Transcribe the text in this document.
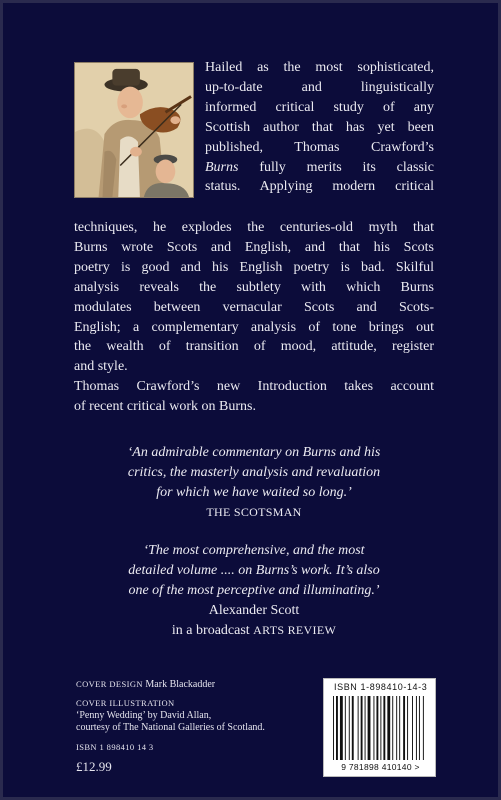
Hailed as the most sophisticated,
up-to-date and linguistically
informed critical study of any
Scottish author that has yet been
published, Thomas Crawford’s
Burns fully merits its classic
status. Applying modern critical
techniques, he explodes the centuries-old myth that
Burns wrote Scots and English, and that his Scots
poetry is good and his English poetry is bad. Skilful
analysis reveals the subtlety with which Burns
modulates between vernacular Scots and Scots-
English; a complementary analysis of tone brings out
the wealth of transition of mood, attitude, register
and style.
Thomas Crawford’s new Introduction takes account
of recent critical work on Burns.
‘An admirable commentary on Burns and his
critics, the masterly analysis and revaluation
for which we have waited so long.’
THE SCOTSMAN
‘The most comprehensive, and the most
detailed volume .... on Burns’s work. It’s also
one of the most perceptive and illuminating.’
Alexander Scott
in a broadcast ARTS REVIEW
COVER DESIGN Mark Blackadder
COVER ILLUSTRATION
‘Penny Wedding’ by David Allan,
courtesy of The National Galleries of Scotland.
ISBN 1 898410 14 3
£12.99
ISBN 1-898410-14-3
9 781898 410140 >
